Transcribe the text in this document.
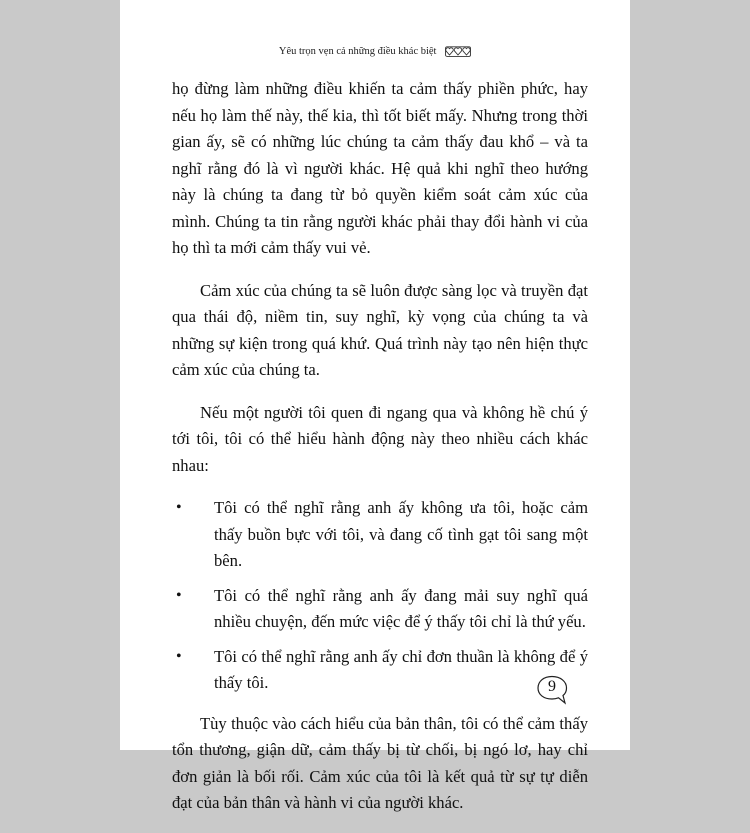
Yêu trọn vẹn cả những điều khác biệt

họ đừng làm những điều khiến ta cảm thấy phiền phức, hay nếu họ làm thế này, thế kia, thì tốt biết mấy. Nhưng trong thời gian ấy, sẽ có những lúc chúng ta cảm thấy đau khổ – và ta nghĩ rằng đó là vì người khác. Hệ quả khi nghĩ theo hướng này là chúng ta đang từ bỏ quyền kiểm soát cảm xúc của mình. Chúng ta tin rằng người khác phải thay đổi hành vi của họ thì ta mới cảm thấy vui vẻ.

Cảm xúc của chúng ta sẽ luôn được sàng lọc và truyền đạt qua thái độ, niềm tin, suy nghĩ, kỳ vọng của chúng ta và những sự kiện trong quá khứ. Quá trình này tạo nên hiện thực cảm xúc của chúng ta.

Nếu một người tôi quen đi ngang qua và không hề chú ý tới tôi, tôi có thể hiểu hành động này theo nhiều cách khác nhau:

• Tôi có thể nghĩ rằng anh ấy không ưa tôi, hoặc cảm thấy buồn bực với tôi, và đang cố tình gạt tôi sang một bên.
• Tôi có thể nghĩ rằng anh ấy đang mải suy nghĩ quá nhiều chuyện, đến mức việc để ý thấy tôi chỉ là thứ yếu.
• Tôi có thể nghĩ rằng anh ấy chỉ đơn thuần là không để ý thấy tôi.

Tùy thuộc vào cách hiểu của bản thân, tôi có thể cảm thấy tổn thương, giận dữ, cảm thấy bị từ chối, bị ngó lơ, hay chỉ đơn giản là bối rối. Cảm xúc của tôi là kết quả từ sự tự diễn đạt của bản thân và hành vi của người khác.

9
